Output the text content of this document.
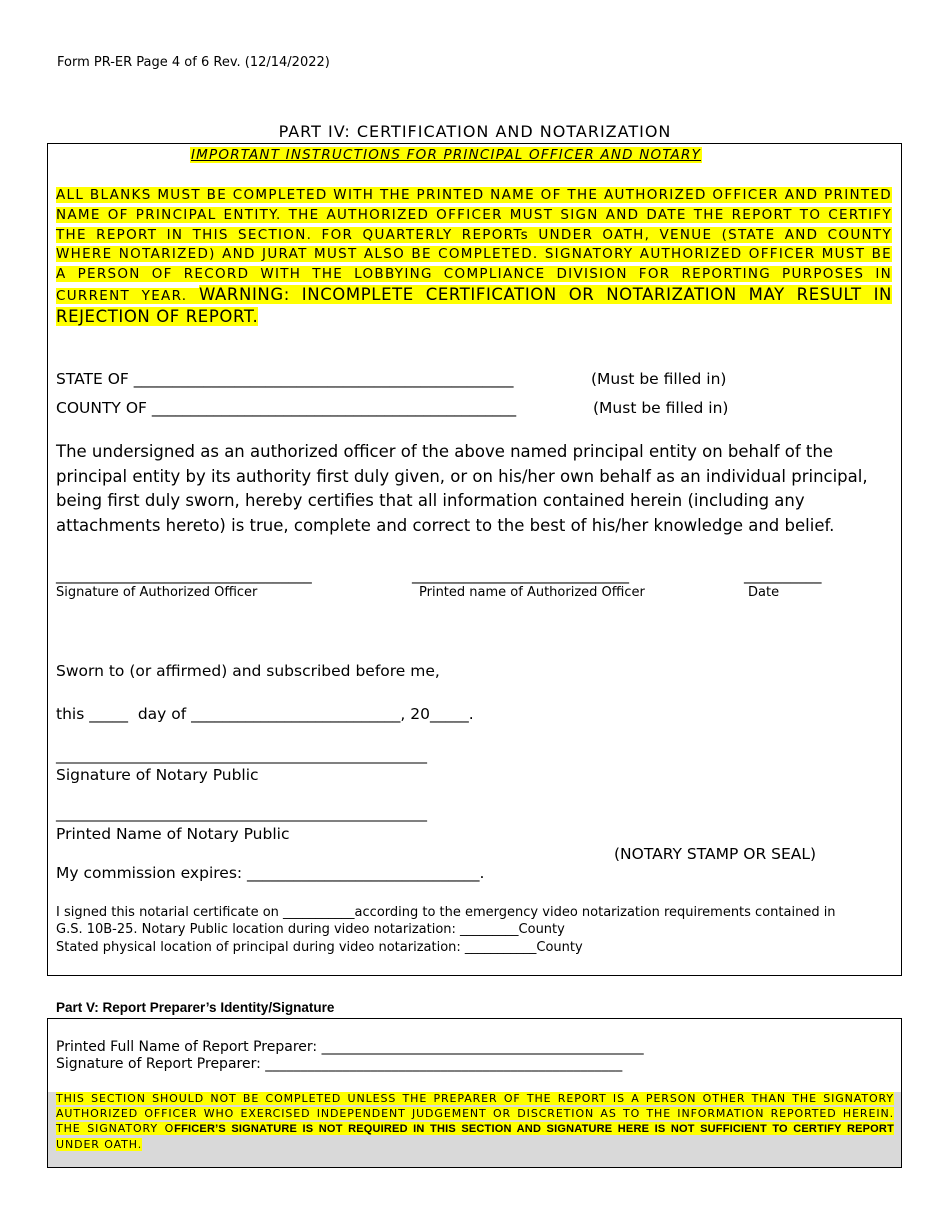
Form PR-ER Page 4 of 6 Rev. (12/14/2022)
PART IV: CERTIFICATION AND NOTARIZATION
IMPORTANT INSTRUCTIONS FOR PRINCIPAL OFFICER AND NOTARY
ALL BLANKS MUST BE COMPLETED WITH THE PRINTED NAME OF THE AUTHORIZED OFFICER AND PRINTED NAME OF PRINCIPAL ENTITY. THE AUTHORIZED OFFICER MUST SIGN AND DATE THE REPORT TO CERTIFY THE REPORT IN THIS SECTION. FOR QUARTERLY REPORTs UNDER OATH, VENUE (STATE AND COUNTY WHERE NOTARIZED) AND JURAT MUST ALSO BE COMPLETED. SIGNATORY AUTHORIZED OFFICER MUST BE A PERSON OF RECORD WITH THE LOBBYING COMPLIANCE DIVISION FOR REPORTING PURPOSES IN CURRENT YEAR. WARNING: INCOMPLETE CERTIFICATION OR NOTARIZATION MAY RESULT IN REJECTION OF REPORT.
STATE OF _________________________________________________	(Must be filled in)
COUNTY OF _______________________________________________	(Must be filled in)
The undersigned as an authorized officer of the above named principal entity on behalf of the principal entity by its authority first duly given, or on his/her own behalf as an individual principal, being first duly sworn, hereby certifies that all information contained herein (including any attachments hereto) is true, complete and correct to the best of his/her knowledge and belief.
_________________________________	____________________________	__________
Signature of Authorized Officer	Printed name of Authorized Officer	Date
Sworn to (or affirmed) and subscribed before me,
this _____  day of ___________________________, 20_____.
_____________________________________________________
Signature of Notary Public
_____________________________________________________
Printed Name of Notary Public
(NOTARY STAMP OR SEAL)
My commission expires: ______________________________.
I signed this notarial certificate on ___________according to the emergency video notarization requirements contained in
G.S. 10B-25. Notary Public location during video notarization: _________County
Stated physical location of principal during video notarization: ___________County
Part V: Report Preparer’s Identity/Signature
Printed Full Name of Report Preparer: ______________________________________________
Signature of Report Preparer: ___________________________________________________
THIS SECTION SHOULD NOT BE COMPLETED UNLESS THE PREPARER OF THE REPORT IS A PERSON OTHER THAN THE SIGNATORY AUTHORIZED OFFICER WHO EXERCISED INDEPENDENT JUDGEMENT OR DISCRETION AS TO THE INFORMATION REPORTED HEREIN. THE SIGNATORY OFFICER’S SIGNATURE IS NOT REQUIRED IN THIS SECTION AND SIGNATURE HERE IS NOT SUFFICIENT TO CERTIFY REPORT UNDER OATH.
